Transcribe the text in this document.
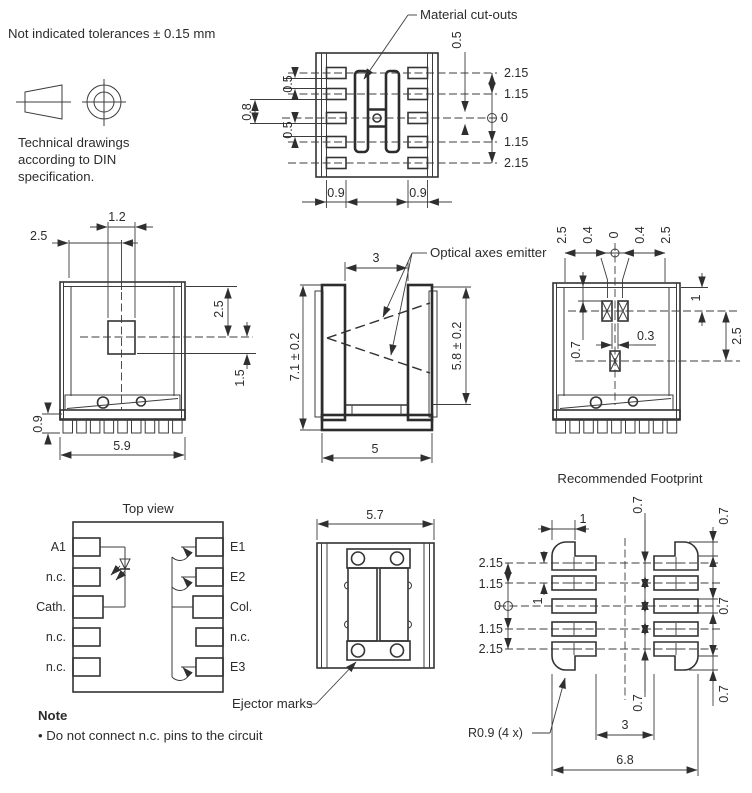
Not indicated tolerances ± 0.15 mm
Technical drawings
according to DIN
specification.
0.5
0.8
0.5
0.5
2.15
1.15
0
1.15
2.15
0.9	0.9
Material cut-outs
1.2
2.5
2.5
1.5
0.9
5.9
3
7.1 ± 0.2	5.8 ± 0.2
5
Optical axes emitter
2.5 0.4 0 0.4 2.5
0.7
0.3
1
2.5
Top view
A1
n.c.
Cath.
n.c.
n.c.
E1
E2
Col.
n.c.
E3
5.7
Ejector marks
Recommended Footprint
2.15
1.15
0
1.15
2.15
1
1
0.7
0.7
0.7
0.7
0.7
3
6.8
R0.9 (4 x)
Note
• Do not connect n.c. pins to the circuit
